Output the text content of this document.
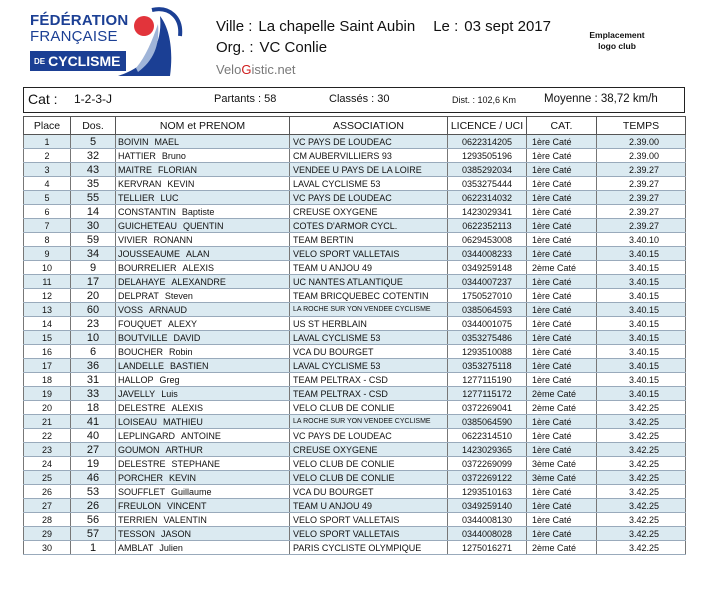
FÉDÉRATION
FRANÇAISE
DE CYCLISME
Ville : La chapelle Saint Aubin Le : 03 sept 2017
Org. : VC Conlie
VeloGistic.net
Emplacement
logo club
Cat : 1-2-3-J	Partants : 58	Classés : 30	Dist. : 102,6 Km Moyenne : 38,72 km/h
Place	Dos.	NOM et PRENOM	ASSOCIATION	LICENCE / UCI	CAT.	TEMPS
1	5	BOIVIN MAEL	VC PAYS DE LOUDEAC	0622314205	1ère Caté	2.39.00
2	32	HATTIER Bruno	CM AUBERVILLIERS 93	1293505196	1ère Caté	2.39.00
3	43	MAITRE FLORIAN	VENDEE U PAYS DE LA LOIRE	0385292034	1ère Caté	2.39.27
4	35	KERVRAN KEVIN	LAVAL CYCLISME 53	0353275444	1ère Caté	2.39.27
5	55	TELLIER LUC	VC PAYS DE LOUDEAC	0622314032	1ère Caté	2.39.27
6	14	CONSTANTIN Baptiste	CREUSE OXYGENE	1423029341	1ère Caté	2.39.27
7	30	GUICHETEAU QUENTIN	COTES D'ARMOR CYCL.	0622352113	1ère Caté	2.39.27
8	59	VIVIER RONANN	TEAM BERTIN	0629453008	1ère Caté	3.40.10
9	34	JOUSSEAUME ALAN	VELO SPORT VALLETAIS	0344008233	1ère Caté	3.40.15
10	9	BOURRELIER ALEXIS	TEAM U ANJOU 49	0349259148	2ème Caté	3.40.15
11	17	DELAHAYE ALEXANDRE	UC NANTES ATLANTIQUE	0344007237	1ère Caté	3.40.15
12	20	DELPRAT Steven	TEAM BRICQUEBEC COTENTIN	1750527010	1ère Caté	3.40.15
13	60	VOSS ARNAUD	LA ROCHE SUR YON VENDEE CYCLISME	0385064593	1ère Caté	3.40.15
14	23	FOUQUET ALEXY	US ST HERBLAIN	0344001075	1ère Caté	3.40.15
15	10	BOUTVILLE DAVID	LAVAL CYCLISME 53	0353275486	1ère Caté	3.40.15
16	6	BOUCHER Robin	VCA DU BOURGET	1293510088	1ère Caté	3.40.15
17	36	LANDELLE BASTIEN	LAVAL CYCLISME 53	0353275118	1ère Caté	3.40.15
18	31	HALLOP Greg	TEAM PELTRAX - CSD	1277115190	1ère Caté	3.40.15
19	33	JAVELLY Luis	TEAM PELTRAX - CSD	1277115172	2ème Caté	3.40.15
20	18	DELESTRE ALEXIS	VELO CLUB DE CONLIE	0372269041	2ème Caté	3.42.25
21	41	LOISEAU MATHIEU	LA ROCHE SUR YON VENDEE CYCLISME	0385064590	1ère Caté	3.42.25
22	40	LEPLINGARD ANTOINE	VC PAYS DE LOUDEAC	0622314510	1ère Caté	3.42.25
23	27	GOUMON ARTHUR	CREUSE OXYGENE	1423029365	1ère Caté	3.42.25
24	19	DELESTRE STEPHANE	VELO CLUB DE CONLIE	0372269099	3ème Caté	3.42.25
25	46	PORCHER KEVIN	VELO CLUB DE CONLIE	0372269122	3ème Caté	3.42.25
26	53	SOUFFLET Guillaume	VCA DU BOURGET	1293510163	1ère Caté	3.42.25
27	26	FREULON VINCENT	TEAM U ANJOU 49	0349259140	1ère Caté	3.42.25
28	56	TERRIEN VALENTIN	VELO SPORT VALLETAIS	0344008130	1ère Caté	3.42.25
29	57	TESSON JASON	VELO SPORT VALLETAIS	0344008028	1ère Caté	3.42.25
30	1	AMBLAT Julien	PARIS CYCLISTE OLYMPIQUE	1275016271	2ème Caté	3.42.25
